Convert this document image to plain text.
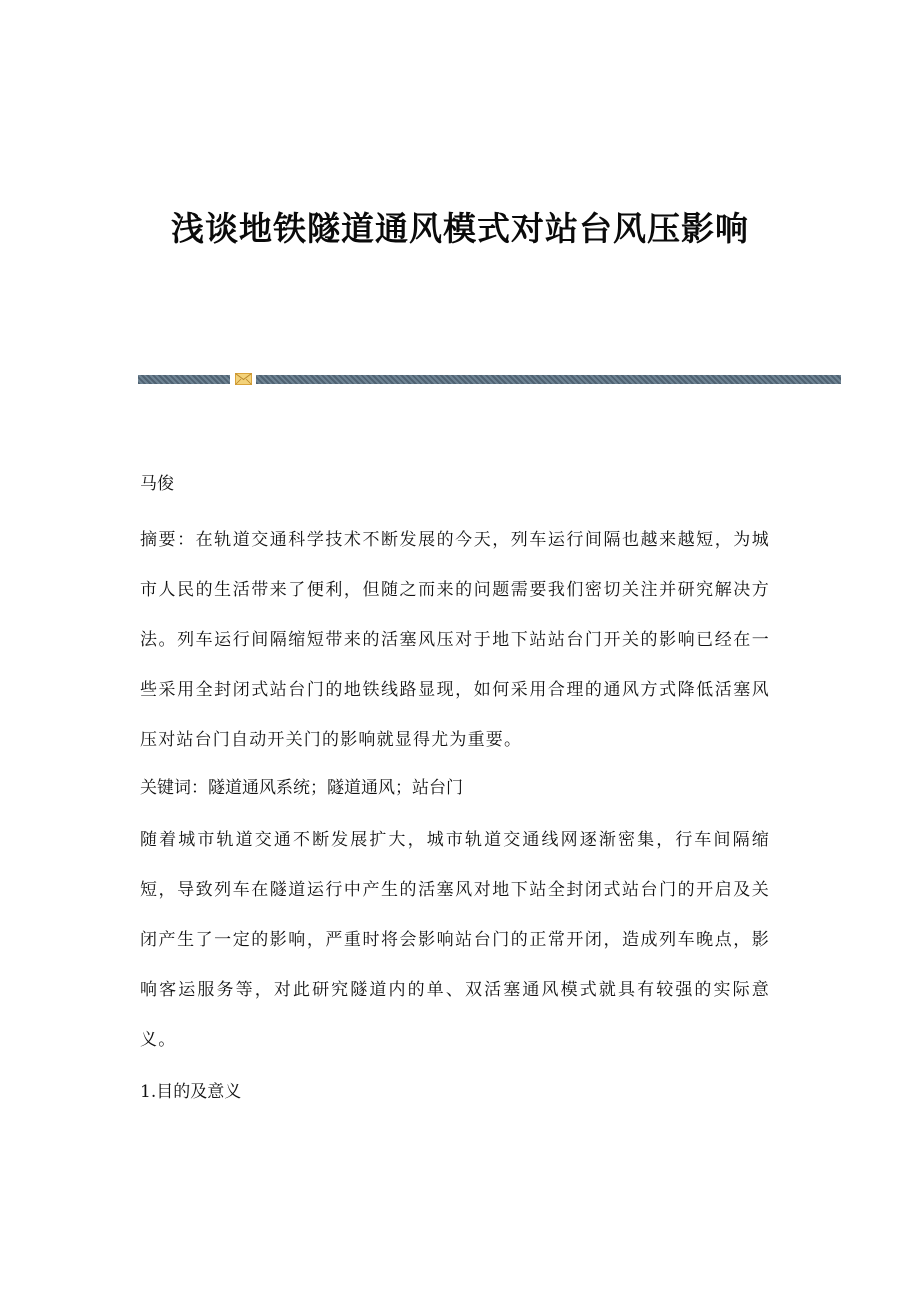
浅谈地铁隧道通风模式对站台风压影响

马俊

摘要：在轨道交通科学技术不断发展的今天，列车运行间隔也越来越短，为城市人民的生活带来了便利，但随之而来的问题需要我们密切关注并研究解决方法。列车运行间隔缩短带来的活塞风压对于地下站站台门开关的影响已经在一些采用全封闭式站台门的地铁线路显现，如何采用合理的通风方式降低活塞风压对站台门自动开关门的影响就显得尤为重要。

关键词：隧道通风系统；隧道通风；站台门

随着城市轨道交通不断发展扩大，城市轨道交通线网逐渐密集，行车间隔缩短，导致列车在隧道运行中产生的活塞风对地下站全封闭式站台门的开启及关闭产生了一定的影响，严重时将会影响站台门的正常开闭，造成列车晚点，影响客运服务等，对此研究隧道内的单、双活塞通风模式就具有较强的实际意义。

1.目的及意义
